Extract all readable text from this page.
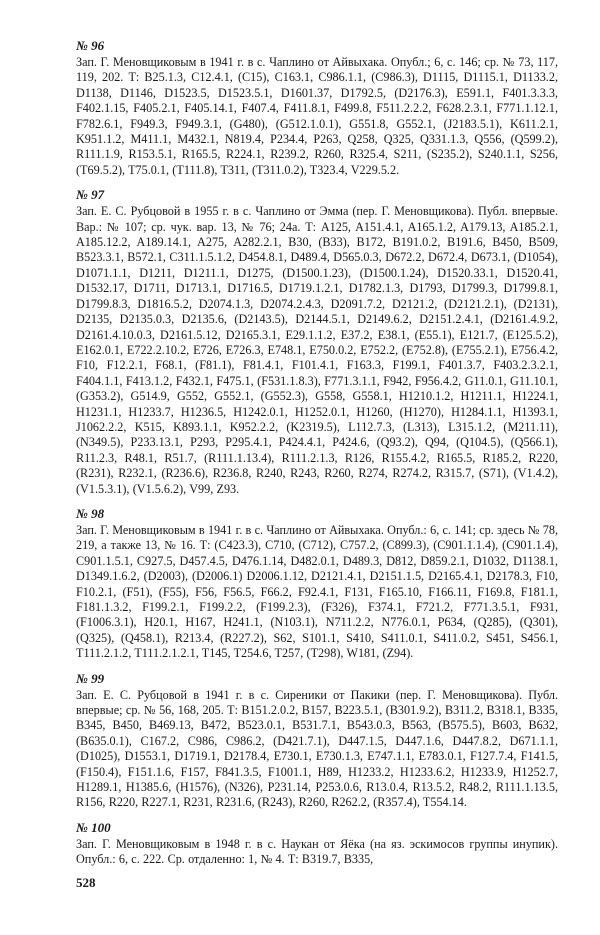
№ 96

Зап. Г. Меновщиковым в 1941 г. в с. Чаплино от Айвыхака. Опубл.; 6, с. 146; ср. № 73, 117, 119, 202. Т: B25.1.3, C12.4.1, (C15), C163.1, C986.1.1, (C986.3), D1115, D1115.1, D1133.2, D1138, D1146, D1523.5, D1523.5.1, D1601.37, D1792.5, (D2176.3), E591.1, F401.3.3.3, F402.1.15, F405.2.1, F405.14.1, F407.4, F411.8.1, F499.8, F511.2.2.2, F628.2.3.1, F771.1.12.1, F782.6.1, F949.3, F949.3.1, (G480), (G512.1.0.1), G551.8, G552.1, (J2183.5.1), K611.2.1, K951.1.2, M411.1, M432.1, N819.4, P234.4, P263, Q258, Q325, Q331.1.3, Q556, (Q599.2), R111.1.9, R153.5.1, R165.5, R224.1, R239.2, R260, R325.4, S211, (S235.2), S240.1.1, S256, (T69.5.2), T75.0.1, (T111.8), T311, (T311.0.2), T323.4, V229.5.2.

№ 97

Зап. Е. С. Рубцовой в 1955 г. в с. Чаплино от Эмма (пер. Г. Меновщикова). Публ. впервые. Вар.: № 107; ср. чук. вар. 13, № 76; 24а. Т: A125, A151.4.1, A165.1.2, A179.13, A185.2.1, A185.12.2, A189.14.1, A275, A282.2.1, B30, (B33), B172, B191.0.2, B191.6, B450, B509, B523.3.1, B572.1, C311.1.5.1.2, D454.8.1, D489.4, D565.0.3, D672.2, D672.4, D673.1, (D1054), D1071.1.1, D1211, D1211.1, D1275, (D1500.1.23), (D1500.1.24), D1520.33.1, D1520.41, D1532.17, D1711, D1713.1, D1716.5, D1719.1.2.1, D1782.1.3, D1793, D1799.3, D1799.8.1, D1799.8.3, D1816.5.2, D2074.1.3, D2074.2.4.3, D2091.7.2, D2121.2, (D2121.2.1), (D2131), D2135, D2135.0.3, D2135.6, (D2143.5), D2144.5.1, D2149.6.2, D2151.2.4.1, (D2161.4.9.2, D2161.4.10.0.3, D2161.5.12, D2165.3.1, E29.1.1.2, E37.2, E38.1, (E55.1), E121.7, (E125.5.2), E162.0.1, E722.2.10.2, E726, E726.3, E748.1, E750.0.2, E752.2, (E752.8), (E755.2.1), E756.4.2, F10, F12.2.1, F68.1, (F81.1), F81.4.1, F101.4.1, F163.3, F199.1, F401.3.7, F403.2.3.2.1, F404.1.1, F413.1.2, F432.1, F475.1, (F531.1.8.3), F771.3.1.1, F942, F956.4.2, G11.0.1, G11.10.1, (G353.2), G514.9, G552, G552.1, (G552.3), G558, G558.1, H1210.1.2, H1211.1, H1224.1, H1231.1, H1233.7, H1236.5, H1242.0.1, H1252.0.1, H1260, (H1270), H1284.1.1, H1393.1, J1062.2.2, K515, K893.1.1, K952.2.2, (K2319.5), L112.7.3, (L313), L315.1.2, (M211.11), (N349.5), P233.13.1, P293, P295.4.1, P424.4.1, P424.6, (Q93.2), Q94, (Q104.5), (Q566.1), R11.2.3, R48.1, R51.7, (R111.1.13.4), R111.2.1.3, R126, R155.4.2, R165.5, R185.2, R220, (R231), R232.1, (R236.6), R236.8, R240, R243, R260, R274, R274.2, R315.7, (S71), (V1.4.2), (V1.5.3.1), (V1.5.6.2), V99, Z93.

№ 98

Зап. Г. Меновщиковым в 1941 г. в с. Чаплино от Айвыхака. Опубл.: 6, с. 141; ср. здесь № 78, 219, а также 13, № 16. Т: (C423.3), C710, (C712), C757.2, (C899.3), (C901.1.1.4), (C901.1.4), C901.1.5.1, C927.5, D457.4.5, D476.1.14, D482.0.1, D489.3, D812, D859.2.1, D1032, D1138.1, D1349.1.6.2, (D2003), (D2006.1) D2006.1.12, D2121.4.1, D2151.1.5, D2165.4.1, D2178.3, F10, F10.2.1, (F51), (F55), F56, F56.5, F66.2, F92.4.1, F131, F165.10, F166.11, F169.8, F181.1, F181.1.3.2, F199.2.1, F199.2.2, (F199.2.3), (F326), F374.1, F721.2, F771.3.5.1, F931, (F1006.3.1), H20.1, H167, H241.1, (N103.1), N711.2.2, N776.0.1, P634, (Q285), (Q301), (Q325), (Q458.1), R213.4, (R227.2), S62, S101.1, S410, S411.0.1, S411.0.2, S451, S456.1, T111.2.1.2, T111.2.1.2.1, T145, T254.6, T257, (T298), W181, (Z94).

№ 99

Зап. Е. С. Рубцовой в 1941 г. в с. Сиреники от Пакики (пер. Г. Меновщикова). Публ. впервые; ср. № 56, 168, 205. Т: B151.2.0.2, B157, B223.5.1, (B301.9.2), B311.2, B318.1, B335, B345, B450, B469.13, B472, B523.0.1, B531.7.1, B543.0.3, B563, (B575.5), B603, B632, (B635.0.1), C167.2, C986, C986.2, (D421.7.1), D447.1.5, D447.1.6, D447.8.2, D671.1.1, (D1025), D1553.1, D1719.1, D2178.4, E730.1, E730.1.3, E747.1.1, E783.0.1, F127.7.4, F141.5, (F150.4), F151.1.6, F157, F841.3.5, F1001.1, H89, H1233.2, H1233.6.2, H1233.9, H1252.7, H1289.1, H1385.6, (H1576), (N326), P231.14, P253.0.6, R13.0.4, R13.5.2, R48.2, R111.1.13.5, R156, R220, R227.1, R231, R231.6, (R243), R260, R262.2, (R357.4), T554.14.

№ 100

Зап. Г. Меновщиковым в 1948 г. в с. Наукан от Яёка (на яз. эскимосов группы инупик). Опубл.: 6, с. 222. Ср. отдаленно: 1, № 4. Т: B319.7, B335,

528
